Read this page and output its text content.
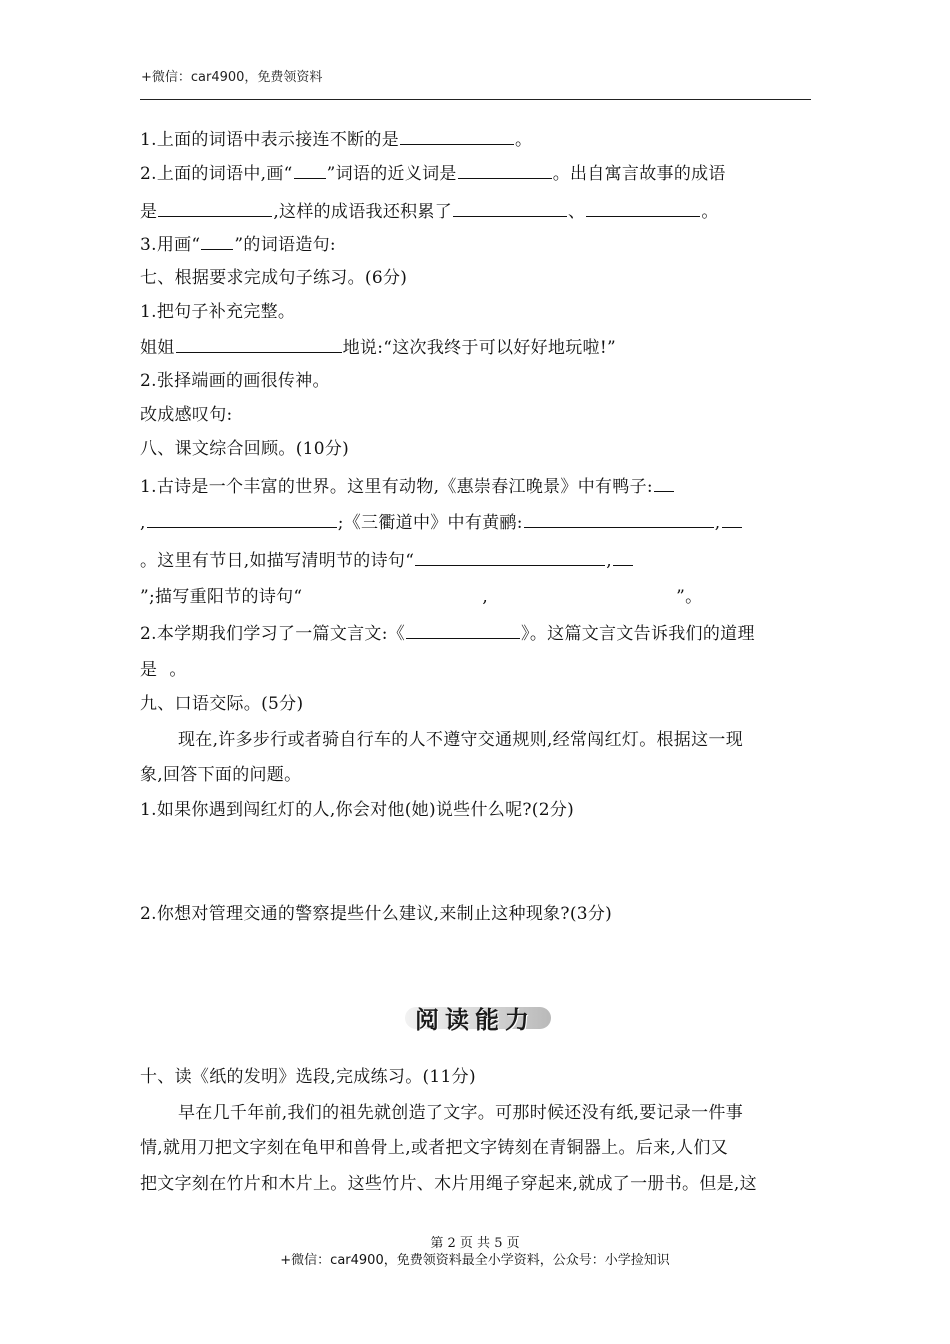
+微信：car4900，免费领资料
1.上面的词语中表示接连不断的是	。
2.上面的词语中,画“ ”词语的近义词是	。出自寓言故事的成语
是	,这样的成语我还积累了	、	。
3.用画“ ”的词语造句:
七、根据要求完成句子练习。(6分)
1.把句子补充完整。
姐姐	地说:“这次我终于可以好好地玩啦!”
2.张择端画的画很传神。
改成感叹句:
八、课文综合回顾。(10分)
1.古诗是一个丰富的世界。这里有动物,《惠崇春江晚景》中有鸭子:
,	;《三衢道中》中有黄鹂:	,
。这里有节日,如描写清明节的诗句“	,
”;描写重阳节的诗句“	,	”。
2.本学期我们学习了一篇文言文:《	》。这篇文言文告诉我们的道理
是 。
九、口语交际。(5分)
现在,许多步行或者骑自行车的人不遵守交通规则,经常闯红灯。根据这一现
象,回答下面的问题。
1.如果你遇到闯红灯的人,你会对他(她)说些什么呢?(2分)
2.你想对管理交通的警察提些什么建议,来制止这种现象?(3分)
阅读能力
十、读《纸的发明》选段,完成练习。(11分)
早在几千年前,我们的祖先就创造了文字。可那时候还没有纸,要记录一件事
情,就用刀把文字刻在龟甲和兽骨上,或者把文字铸刻在青铜器上。后来,人们又
把文字刻在竹片和木片上。这些竹片、木片用绳子穿起来,就成了一册书。但是,这
第 2 页 共 5 页
+微信：car4900，免费领资料最全小学资料，公众号：小学捡知识
